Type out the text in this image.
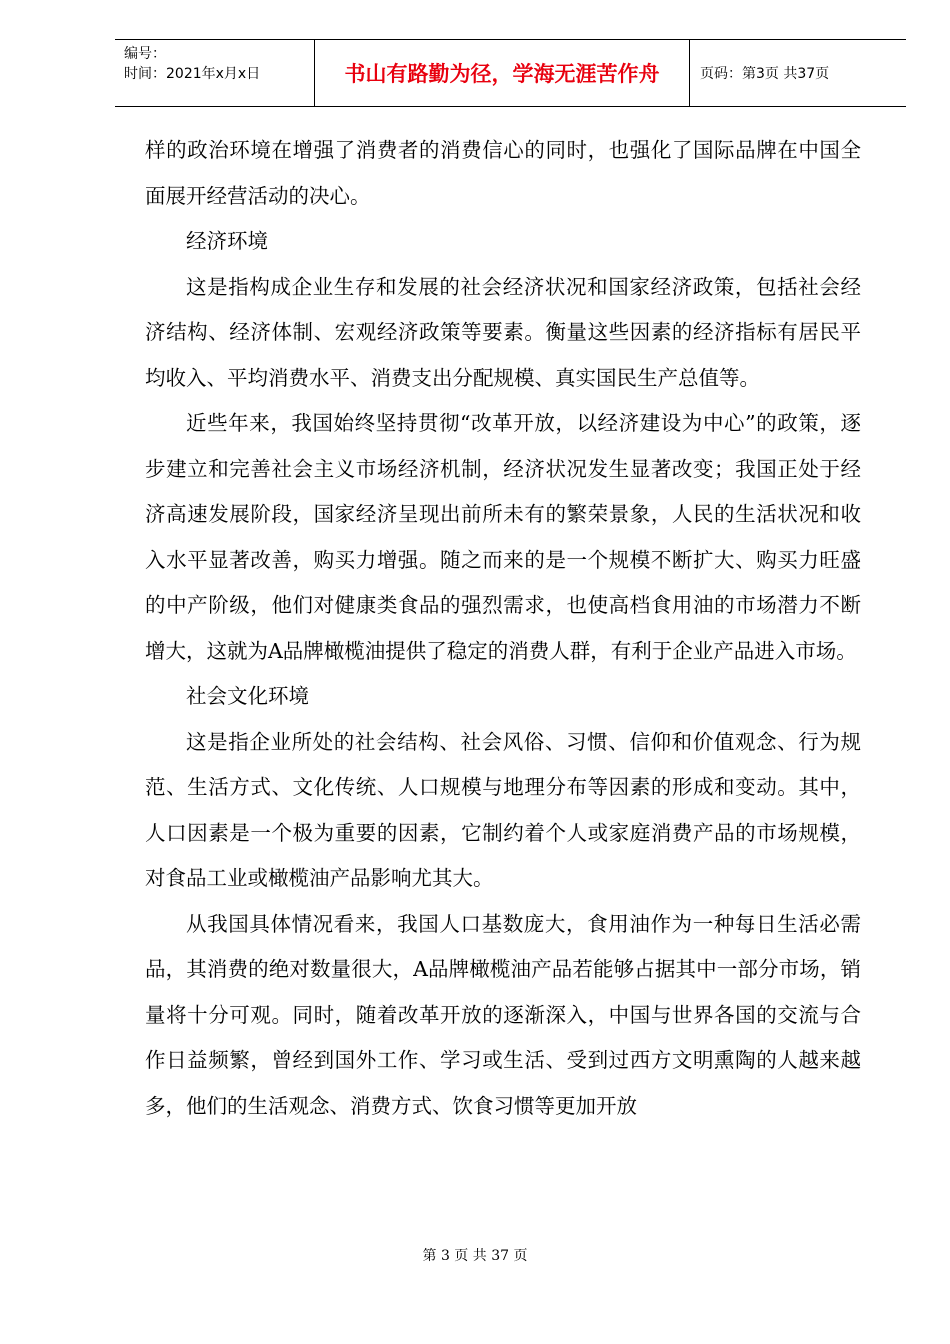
编号：
时间：2021年x月x日	书山有路勤为径，学海无涯苦作舟	页码：第3页 共37页

样的政治环境在增强了消费者的消费信心的同时，也强化了国际品牌在中国全面展开经营活动的决心。

经济环境

这是指构成企业生存和发展的社会经济状况和国家经济政策，包括社会经济结构、经济体制、宏观经济政策等要素。衡量这些因素的经济指标有居民平均收入、平均消费水平、消费支出分配规模、真实国民生产总值等。

近些年来，我国始终坚持贯彻“改革开放，以经济建设为中心”的政策，逐步建立和完善社会主义市场经济机制，经济状况发生显著改变；我国正处于经济高速发展阶段，国家经济呈现出前所未有的繁荣景象，人民的生活状况和收入水平显著改善，购买力增强。随之而来的是一个规模不断扩大、购买力旺盛的中产阶级，他们对健康类食品的强烈需求，也使高档食用油的市场潜力不断增大，这就为A品牌橄榄油提供了稳定的消费人群，有利于企业产品进入市场。

社会文化环境

这是指企业所处的社会结构、社会风俗、习惯、信仰和价值观念、行为规范、生活方式、文化传统、人口规模与地理分布等因素的形成和变动。其中，人口因素是一个极为重要的因素，它制约着个人或家庭消费产品的市场规模，对食品工业或橄榄油产品影响尤其大。

从我国具体情况看来，我国人口基数庞大，食用油作为一种每日生活必需品，其消费的绝对数量很大，A品牌橄榄油产品若能够占据其中一部分市场，销量将十分可观。同时，随着改革开放的逐渐深入，中国与世界各国的交流与合作日益频繁，曾经到国外工作、学习或生活、受到过西方文明熏陶的人越来越多，他们的生活观念、消费方式、饮食习惯等更加开放

第 3 页 共 37 页
